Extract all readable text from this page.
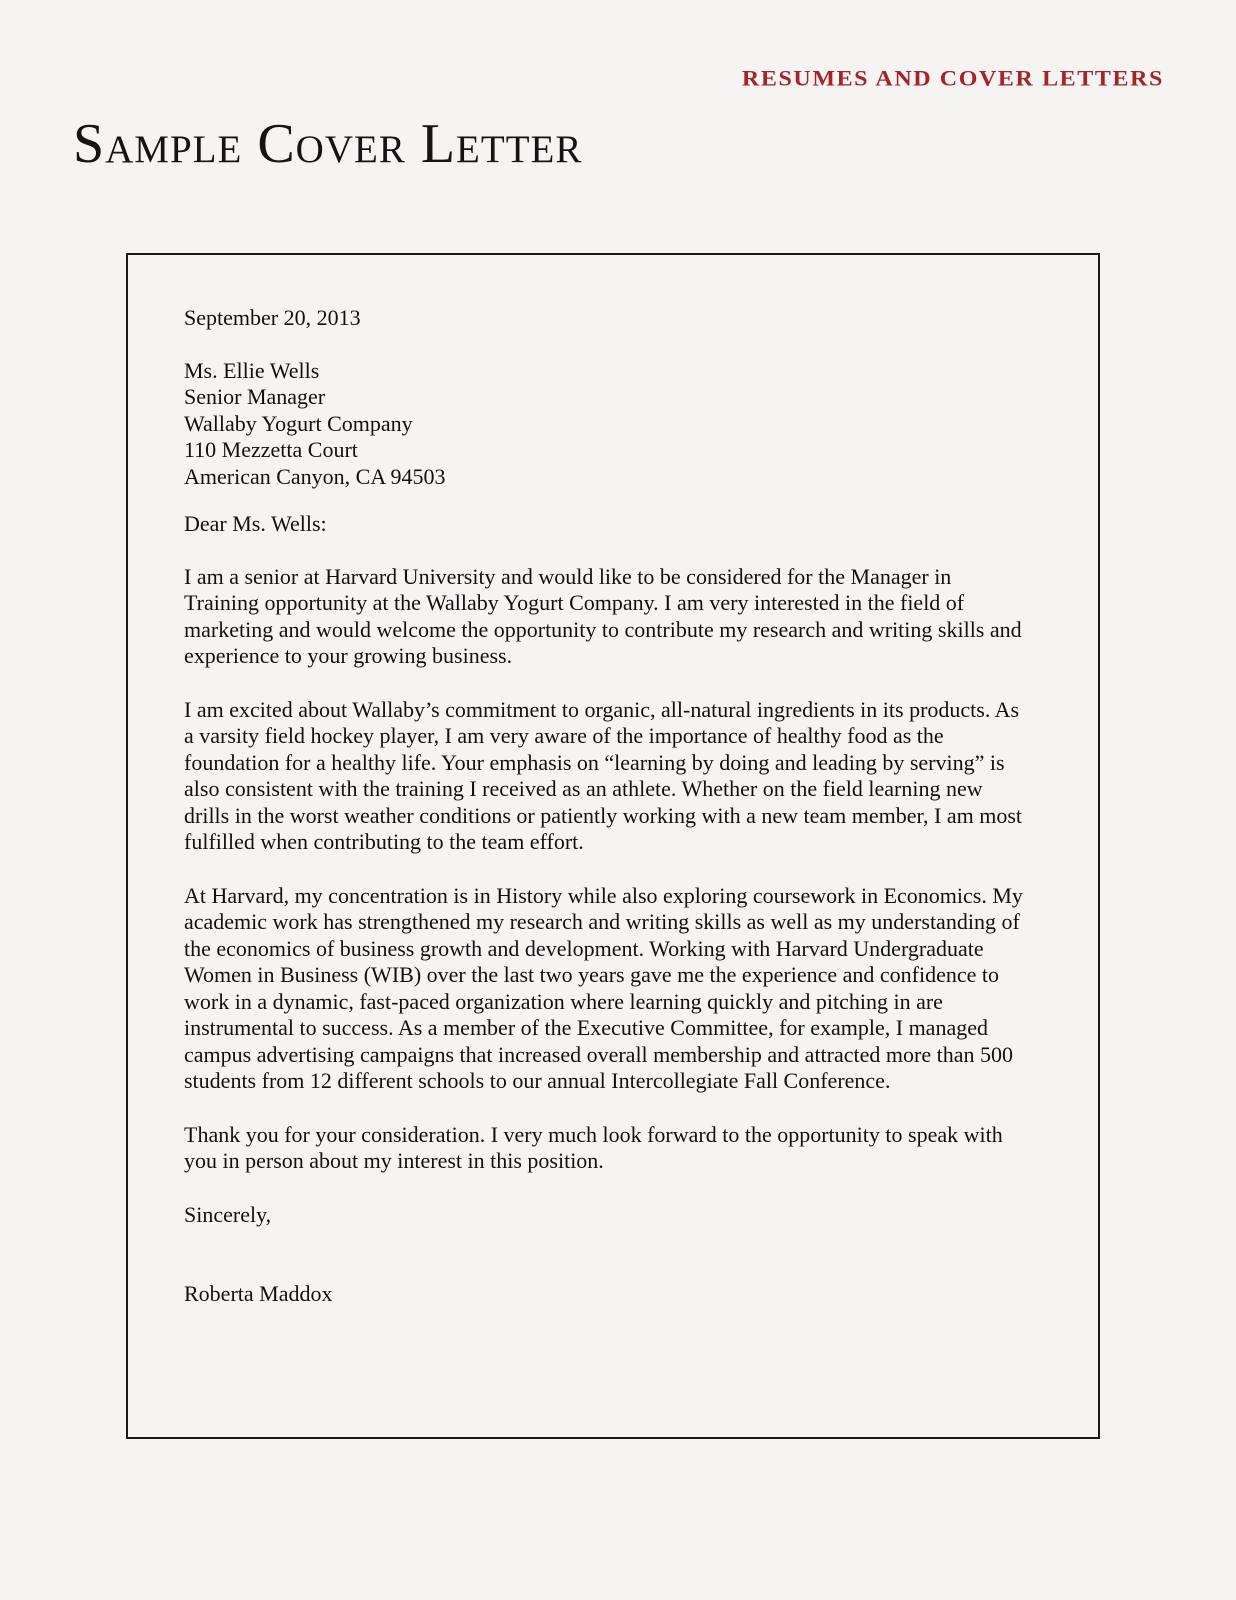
RESUMES AND COVER LETTERS
Sample Cover Letter

September 20, 2013

Ms. Ellie Wells
Senior Manager
Wallaby Yogurt Company
110 Mezzetta Court
American Canyon, CA 94503

Dear Ms. Wells:

I am a senior at Harvard University and would like to be considered for the Manager in Training opportunity at the Wallaby Yogurt Company. I am very interested in the field of marketing and would welcome the opportunity to contribute my research and writing skills and experience to your growing business.

I am excited about Wallaby’s commitment to organic, all-natural ingredients in its products. As a varsity field hockey player, I am very aware of the importance of healthy food as the foundation for a healthy life. Your emphasis on “learning by doing and leading by serving” is also consistent with the training I received as an athlete. Whether on the field learning new drills in the worst weather conditions or patiently working with a new team member, I am most fulfilled when contributing to the team effort.

At Harvard, my concentration is in History while also exploring coursework in Economics. My academic work has strengthened my research and writing skills as well as my understanding of the economics of business growth and development. Working with Harvard Undergraduate Women in Business (WIB) over the last two years gave me the experience and confidence to work in a dynamic, fast-paced organization where learning quickly and pitching in are instrumental to success. As a member of the Executive Committee, for example, I managed campus advertising campaigns that increased overall membership and attracted more than 500 students from 12 different schools to our annual Intercollegiate Fall Conference.

Thank you for your consideration. I very much look forward to the opportunity to speak with you in person about my interest in this position.

Sincerely,

Roberta Maddox
